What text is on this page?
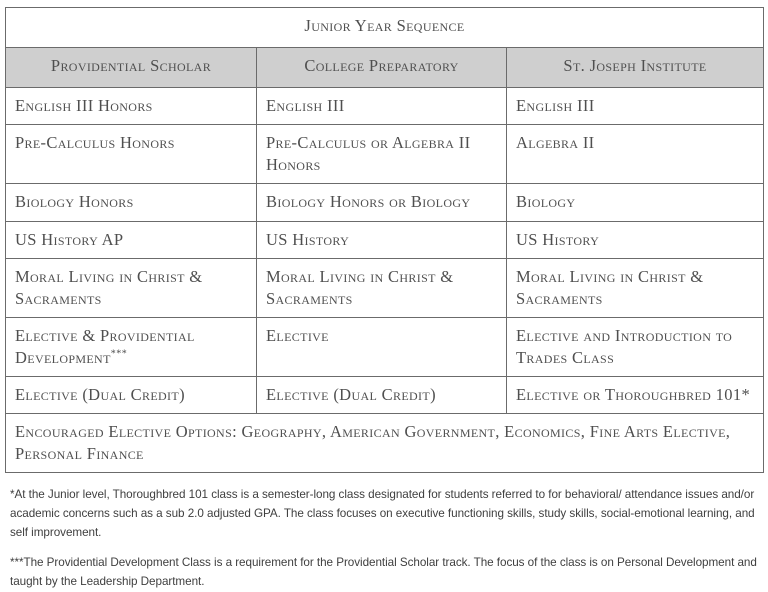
Junior Year Sequence		
Providential Scholar	College Preparatory	St. Joseph Institute
English III Honors	English III	English III
Pre-Calculus Honors	Pre-Calculus or Algebra II Honors	Algebra II
Biology Honors	Biology Honors or Biology	Biology
US History AP	US History	US History
Moral Living in Christ & Sacraments	Moral Living in Christ & Sacraments	Moral Living in Christ & Sacraments
Elective & Providential Development***	Elective	Elective and Introduction to Trades Class
Elective (Dual Credit)	Elective (Dual Credit)	Elective or Thoroughbred 101*
Encouraged Elective Options: Geography, American Government, Economics, Fine Arts Elective, Personal Finance		

*At the Junior level, Thoroughbred 101 class is a semester-long class designated for students referred to for behavioral/ attendance issues and/or academic concerns such as a sub 2.0 adjusted GPA. The class focuses on executive functioning skills, study skills, social-emotional learning, and self improvement.

***The Providential Development Class is a requirement for the Providential Scholar track. The focus of the class is on Personal Development and taught by the Leadership Department.
